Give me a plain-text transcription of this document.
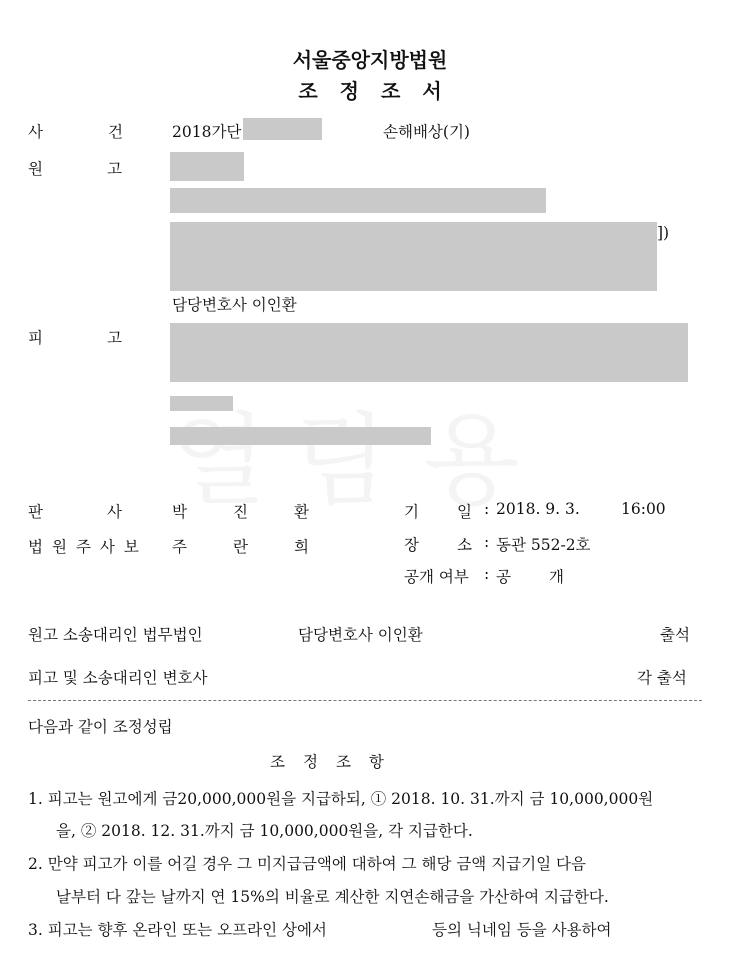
서울중앙지방법원
조정조서
사	건	2018가단	손해배상(기)
원	고
])
담당변호사 이인환
피	고
판	사	박	진	환
법원주사보 주	란	희
기 일 : 2018. 9. 3.	16:00
장 소 : 동관 552-2호
공개 여부 : 공 개
원고 소송대리인 법무법인	담당변호사 이인환	출석
피고 및 소송대리인 변호사	각 출석
다음과 같이 조정성립
조정조항
1. 피고는 원고에게 금20,000,000원을 지급하되, ① 2018. 10. 31.까지 금 10,000,000원
을, ② 2018. 12. 31.까지 금 10,000,000원을, 각 지급한다.
2. 만약 피고가 이를 어길 경우 그 미지급금액에 대하여 그 해당 금액 지급기일 다음
날부터 다 갚는 날까지 연 15%의 비율로 계산한 지연손해금을 가산하여 지급한다.
3. 피고는 향후 온라인 또는 오프라인 상에서	등의 닉네임 등을 사용하여
